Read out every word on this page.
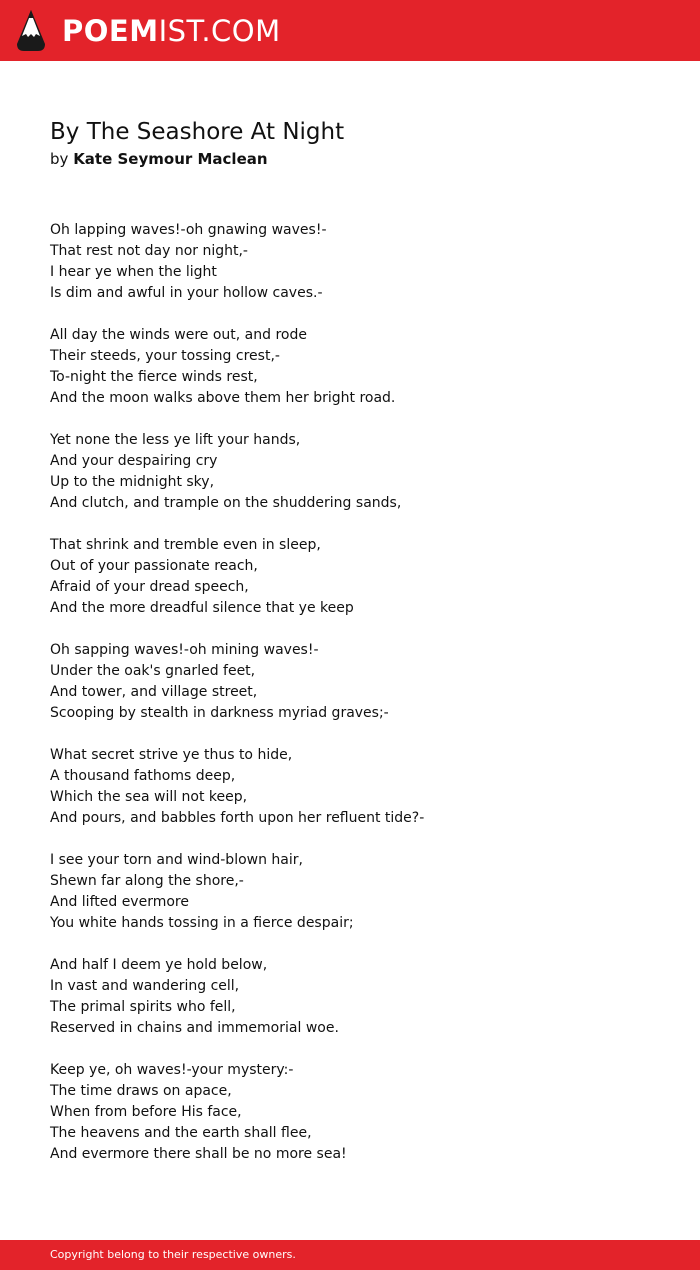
POEMIST.COM
By The Seashore At Night

by Kate Seymour Maclean

Oh lapping waves!-oh gnawing waves!-
That rest not day nor night,-
I hear ye when the light
Is dim and awful in your hollow caves.-
All day the winds were out, and rode
Their steeds, your tossing crest,-
To-night the fierce winds rest,
And the moon walks above them her bright road.
Yet none the less ye lift your hands,
And your despairing cry
Up to the midnight sky,
And clutch, and trample on the shuddering sands,
That shrink and tremble even in sleep,
Out of your passionate reach,
Afraid of your dread speech,
And the more dreadful silence that ye keep
Oh sapping waves!-oh mining waves!-
Under the oak's gnarled feet,
And tower, and village street,
Scooping by stealth in darkness myriad graves;-
What secret strive ye thus to hide,
A thousand fathoms deep,
Which the sea will not keep,
And pours, and babbles forth upon her refluent tide?-
I see your torn and wind-blown hair,
Shewn far along the shore,-
And lifted evermore
You white hands tossing in a fierce despair;
And half I deem ye hold below,
In vast and wandering cell,
The primal spirits who fell,
Reserved in chains and immemorial woe.
Keep ye, oh waves!-your mystery:-
The time draws on apace,
When from before His face,
The heavens and the earth shall flee,
And evermore there shall be no more sea!
Copyright belong to their respective owners.
